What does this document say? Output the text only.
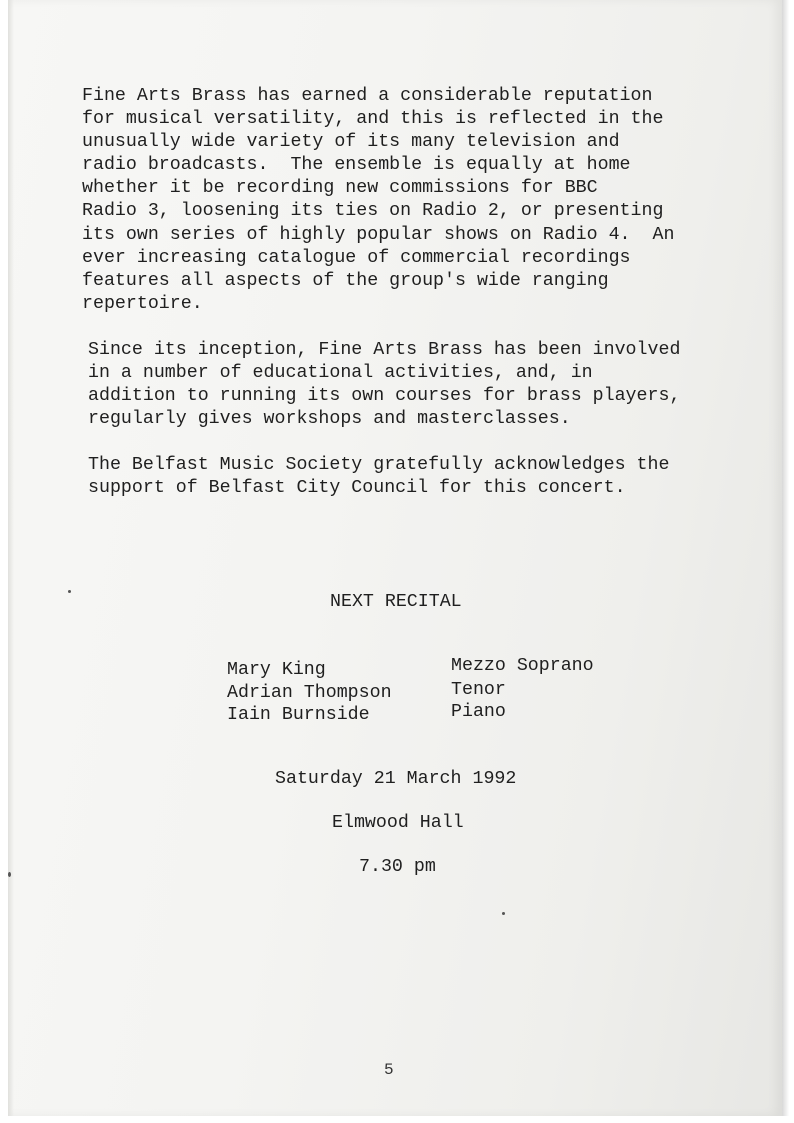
Fine Arts Brass has earned a considerable reputation
for musical versatility, and this is reflected in the
unusually wide variety of its many television and
radio broadcasts.  The ensemble is equally at home
whether it be recording new commissions for BBC
Radio 3, loosening its ties on Radio 2, or presenting
its own series of highly popular shows on Radio 4.  An
ever increasing catalogue of commercial recordings
features all aspects of the group's wide ranging
repertoire.

Since its inception, Fine Arts Brass has been involved
in a number of educational activities, and, in
addition to running its own courses for brass players,
regularly gives workshops and masterclasses.

The Belfast Music Society gratefully acknowledges the
support of Belfast City Council for this concert.

NEXT RECITAL
Mary King	Mezzo Soprano
Adrian Thompson	Tenor
Iain Burnside	Piano
Saturday 21 March 1992
Elmwood Hall
7.30 pm
5
